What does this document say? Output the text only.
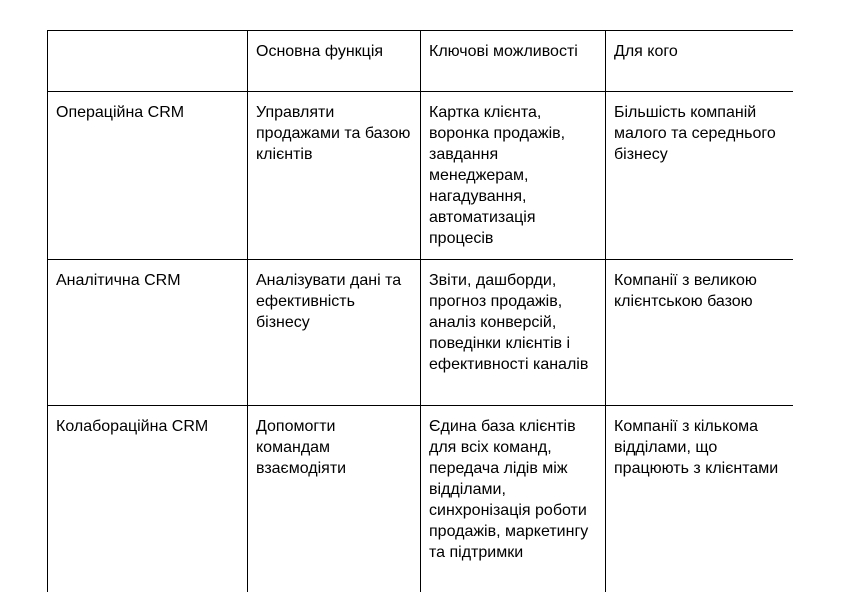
	Основна функція	Ключові можливості	Для кого
Операційна CRM	Управляти продажами та базою клієнтів	Картка клієнта, воронка продажів, завдання менеджерам, нагадування, автоматизація процесів	Більшість компаній малого та середнього бізнесу
Аналітична CRM	Аналізувати дані та ефективність бізнесу	Звіти, дашборди, прогноз продажів, аналіз конверсій, поведінки клієнтів і ефективності каналів	Компанії з великою клієнтською базою
Колабораційна CRM	Допомогти командам взаємодіяти	Єдина база клієнтів для всіх команд, передача лідів між відділами, синхронізація роботи продажів, маркетингу та підтримки	Компанії з кількома відділами, що працюють з клієнтами
